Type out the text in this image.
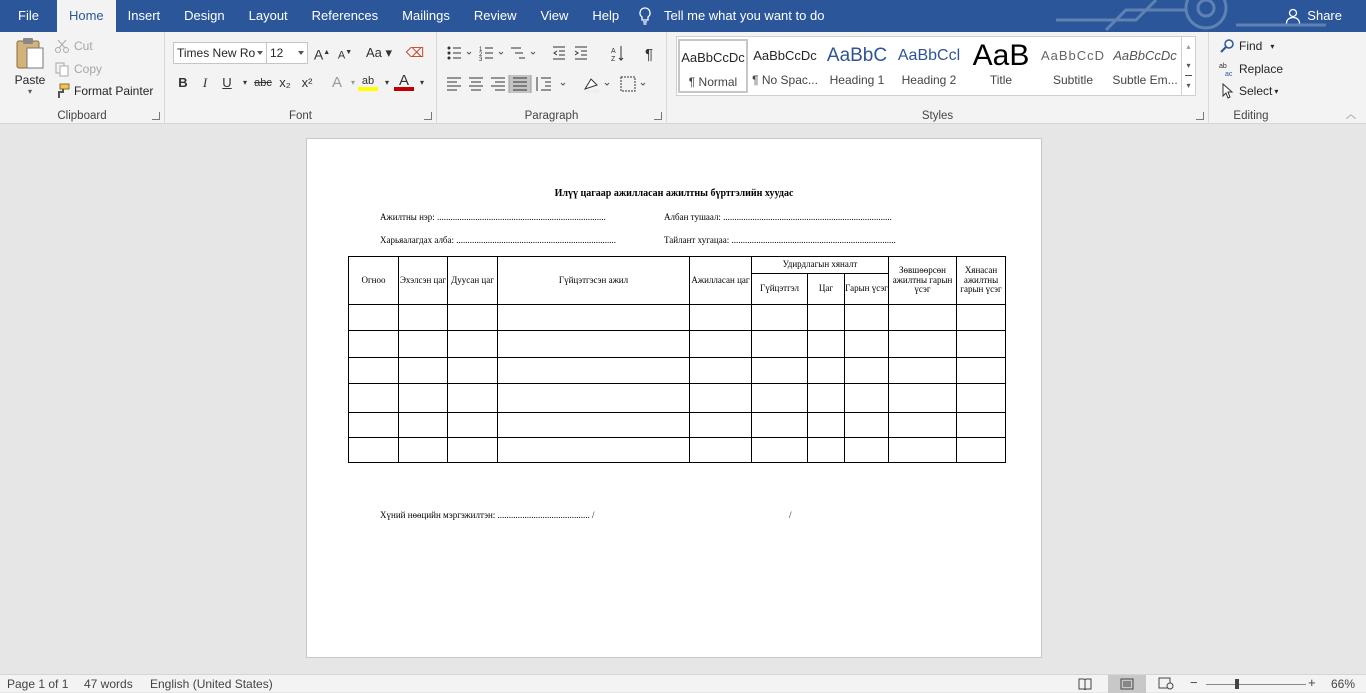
File	Home	Insert	Design	Layout	References	Mailings	Review	View	Help	Tell me what you want to do	Share
Paste
▾
Cut
Copy
Format Painter
Clipboard
Times New Ro	12	A▲ A▼ Aa ▾ ⌫
B	I	U	▾ abc x₂ x²	A	▾ ab	▾ A	▾
Font
1
2
3
A
Z ¶
Paragraph
AaBbCcDc
¶ Normal
AaBbCcDc
¶ No Spac...
AaBbC
Heading 1
AaBbCcl
Heading 2
AaB
Title
AaBbCcD
Subtitle
AaBbCcDc
Subtle Em...
▴
▾
▾
Styles
Find ▾
ab
ac Replace
Select ▾
Editing	︿
Илүү цагаар ажилласан ажилтны бүртгэлийн хуудас
Ажилтны нэр: ...........................................................................	Албан тушаал: ...........................................................................
Харьяалагдах алба: .......................................................................	Тайлант хугацаа: .........................................................................
Огноо	Эхэлсэн цаг	Дуусан цаг	Гүйцэтгэсэн ажил	Ажилласан цаг	Удирдлагын хяналт			Зөвшөөрсөн ажилтны гарын үсэг	Хянасан ажилтны гарын үсэг
					Гүйцэтгэл	Цаг	Гарын үсэг		

Хүний нөөцийн мэргэжилтэн: ......................................... /	/
Page 1 of 1 47 words English (United States)	−	+ 66%
